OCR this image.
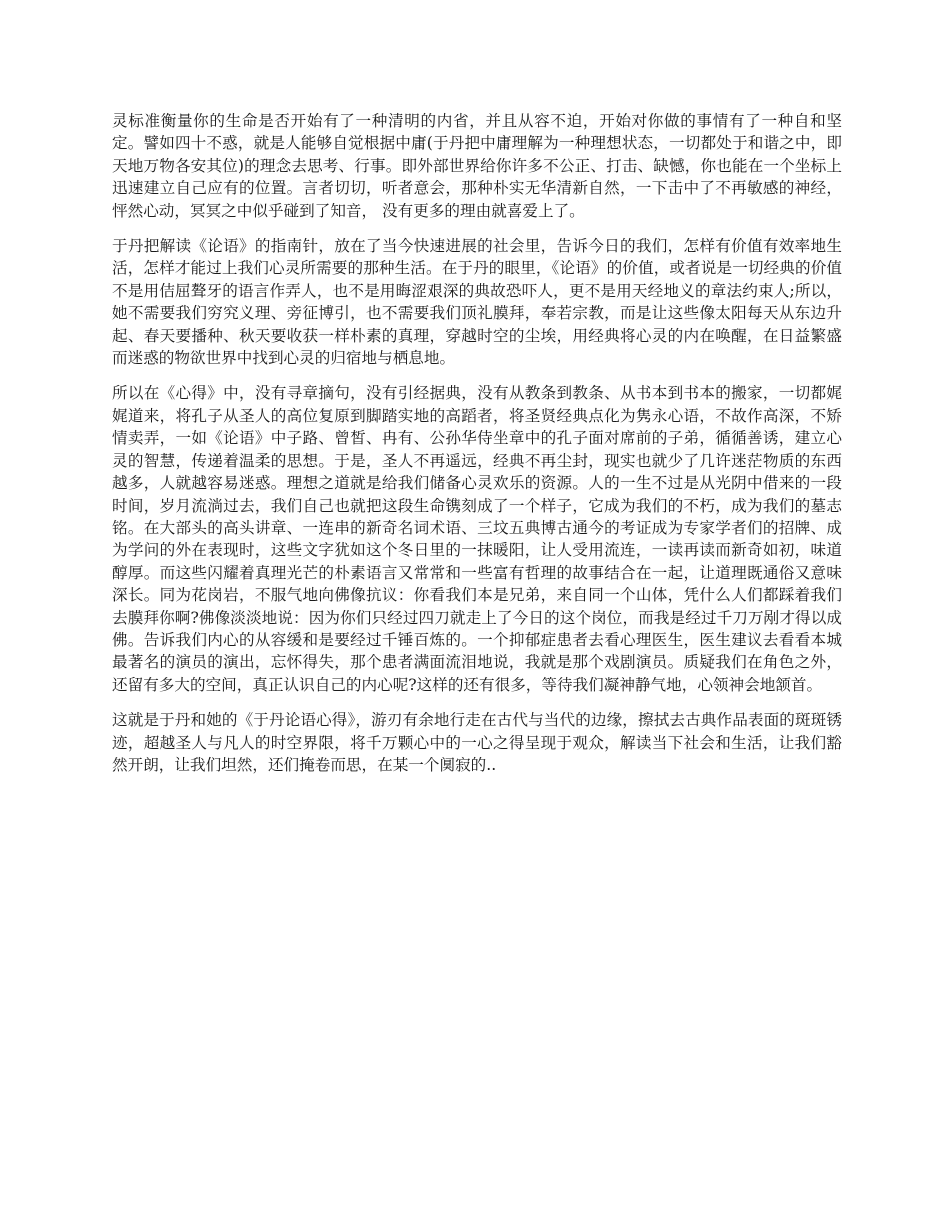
灵标准衡量你的生命是否开始有了一种清明的内省，并且从容不迫，开始对你做的事情有了一种自和坚定。譬如四十不惑，就是人能够自觉根据中庸(于丹把中庸理解为一种理想状态，一切都处于和谐之中，即天地万物各安其位)的理念去思考、行事。即外部世界给你许多不公正、打击、缺憾，你也能在一个坐标上迅速建立自己应有的位置。言者切切，听者意会，那种朴实无华清新自然，一下击中了不再敏感的神经，怦然心动，冥冥之中似乎碰到了知音， 没有更多的理由就喜爱上了。

于丹把解读《论语》的指南针，放在了当今快速进展的社会里，告诉今日的我们，怎样有价值有效率地生活，怎样才能过上我们心灵所需要的那种生活。在于丹的眼里，《论语》的价值，或者说是一切经典的价值不是用佶屈聱牙的语言作弄人，也不是用晦涩艰深的典故恐吓人，更不是用天经地义的章法约束人;所以，她不需要我们穷究义理、旁征博引，也不需要我们顶礼膜拜，奉若宗教，而是让这些像太阳每天从东边升起、春天要播种、秋天要收获一样朴素的真理，穿越时空的尘埃，用经典将心灵的内在唤醒，在日益繁盛而迷惑的物欲世界中找到心灵的归宿地与栖息地。

所以在《心得》中，没有寻章摘句，没有引经据典，没有从教条到教条、从书本到书本的搬家，一切都娓娓道来，将孔子从圣人的高位复原到脚踏实地的高蹈者，将圣贤经典点化为隽永心语，不故作高深，不矫情卖弄，一如《论语》中子路、曾皙、冉有、公孙华侍坐章中的孔子面对席前的子弟，循循善诱，建立心灵的智慧，传递着温柔的思想。于是，圣人不再遥远，经典不再尘封，现实也就少了几许迷茫物质的东西越多，人就越容易迷惑。理想之道就是给我们储备心灵欢乐的资源。人的一生不过是从光阴中借来的一段时间，岁月流淌过去，我们自己也就把这段生命镌刻成了一个样子，它成为我们的不朽，成为我们的墓志铭。在大部头的高头讲章、一连串的新奇名词术语、三坟五典博古通今的考证成为专家学者们的招牌、成为学问的外在表现时，这些文字犹如这个冬日里的一抹暖阳，让人受用流连，一读再读而新奇如初，味道醇厚。而这些闪耀着真理光芒的朴素语言又常常和一些富有哲理的故事结合在一起，让道理既通俗又意味深长。同为花岗岩，不服气地向佛像抗议：你看我们本是兄弟，来自同一个山体，凭什么人们都踩着我们去膜拜你啊?佛像淡淡地说：因为你们只经过四刀就走上了今日的这个岗位，而我是经过千刀万剐才得以成佛。告诉我们内心的从容缓和是要经过千锤百炼的。一个抑郁症患者去看心理医生，医生建议去看看本城最著名的演员的演出，忘怀得失，那个患者满面流泪地说，我就是那个戏剧演员。质疑我们在角色之外，还留有多大的空间，真正认识自己的内心呢?这样的还有很多，等待我们凝神静气地，心领神会地颔首。

这就是于丹和她的《于丹论语心得》，游刃有余地行走在古代与当代的边缘，擦拭去古典作品表面的斑斑锈迹，超越圣人与凡人的时空界限，将千万颗心中的一心之得呈现于观众，解读当下社会和生活，让我们豁然开朗，让我们坦然，还们掩卷而思，在某一个阒寂的..
